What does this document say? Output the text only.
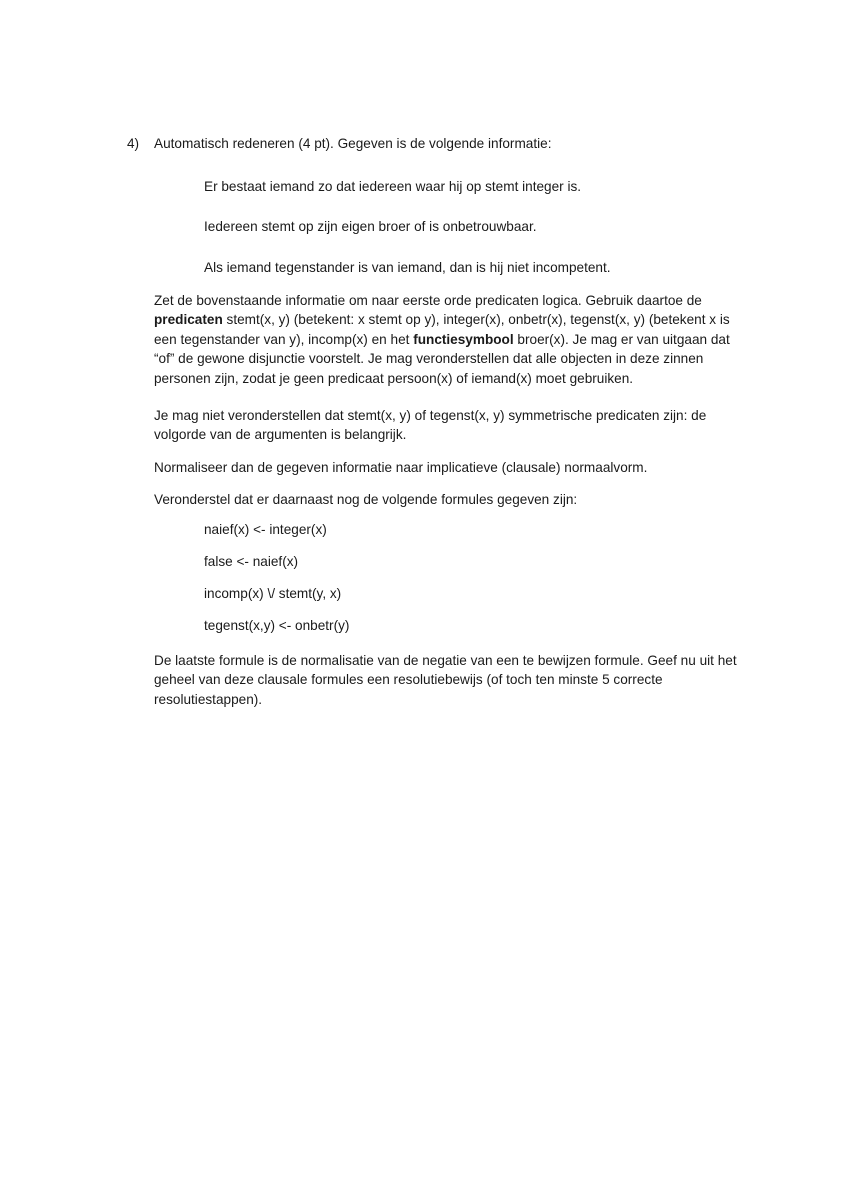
4) Automatisch redeneren (4 pt). Gegeven is de volgende informatie:
Er bestaat iemand zo dat iedereen waar hij op stemt integer is.
Iedereen stemt op zijn eigen broer of is onbetrouwbaar.
Als iemand tegenstander is van iemand, dan is hij niet incompetent.

Zet de bovenstaande informatie om naar eerste orde predicaten logica. Gebruik daartoe de predicaten stemt(x, y) (betekent: x stemt op y), integer(x), onbetr(x), tegenst(x, y) (betekent x is een tegenstander van y), incomp(x) en het functiesymbool broer(x). Je mag er van uitgaan dat “of” de gewone disjunctie voorstelt. Je mag veronderstellen dat alle objecten in deze zinnen personen zijn, zodat je geen predicaat persoon(x) of iemand(x) moet gebruiken.

Je mag niet veronderstellen dat stemt(x, y) of tegenst(x, y) symmetrische predicaten zijn: de volgorde van de argumenten is belangrijk.

Normaliseer dan de gegeven informatie naar implicatieve (clausale) normaalvorm.

Veronderstel dat er daarnaast nog de volgende formules gegeven zijn:

naief(x) <- integer(x)
false <- naief(x)
incomp(x) \/ stemt(y, x)
tegenst(x,y) <- onbetr(y)

De laatste formule is de normalisatie van de negatie van een te bewijzen formule. Geef nu uit het geheel van deze clausale formules een resolutiebewijs (of toch ten minste 5 correcte resolutiestappen).
